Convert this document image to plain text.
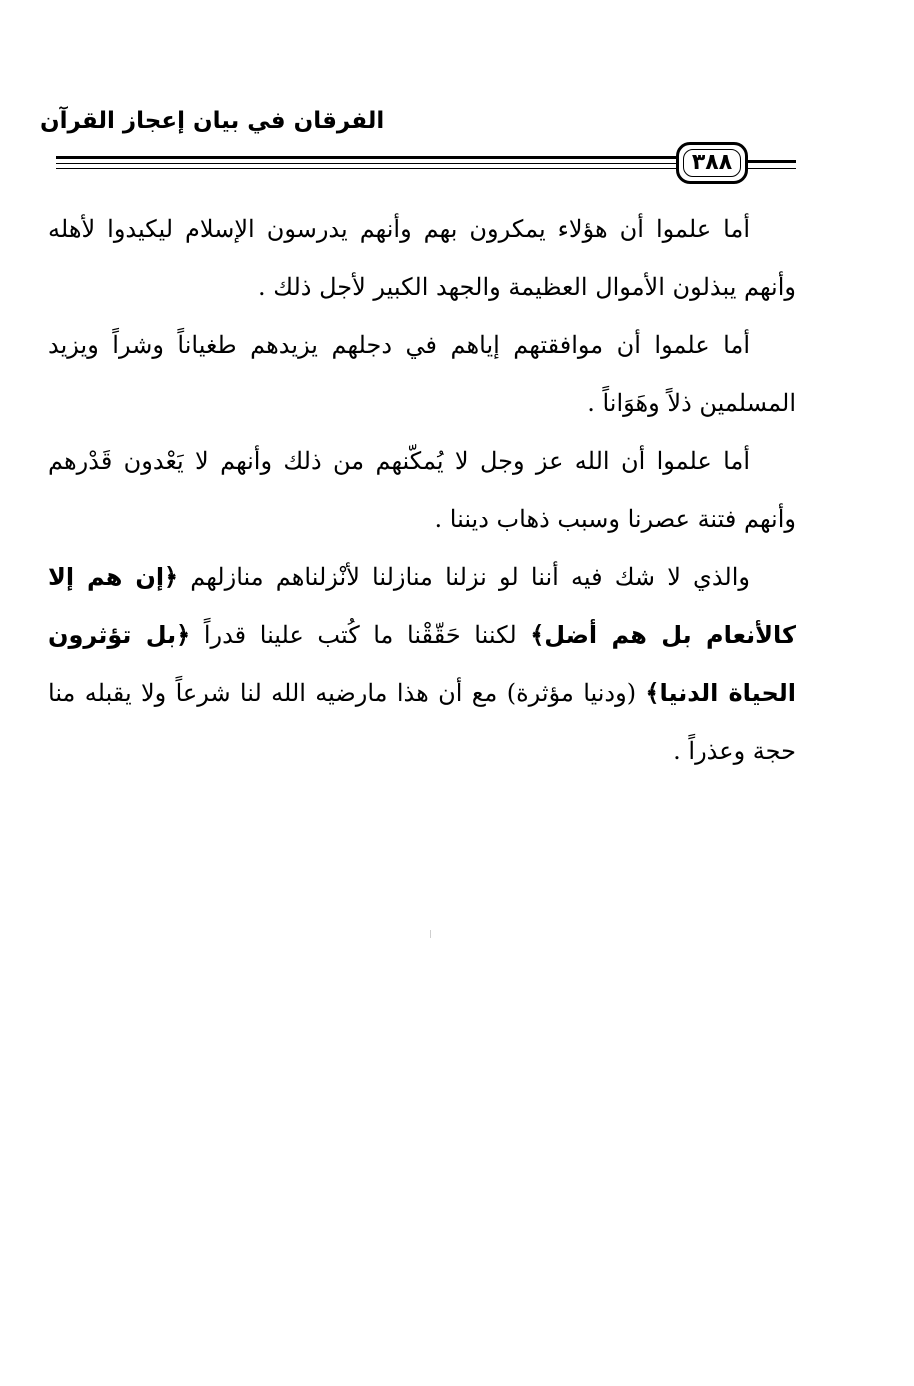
الفرقان في بيان إعجاز القرآن
٣٨٨

أما علموا أن هؤلاء يمكرون بهم وأنهم يدرسون الإسلام ليكيدوا لأهله وأنهم يبذلون الأموال العظيمة والجهد الكبير لأجل ذلك .

أما علموا أن موافقتهم إياهم في دجلهم يزيدهم طغياناً وشراً ويزيد المسلمين ذلاً وهَوَاناً .

أما علموا أن الله عز وجل لا يُمكّنهم من ذلك وأنهم لا يَعْدون قَدْرهم وأنهم فتنة عصرنا وسبب ذهاب ديننا .

والذي لا شك فيه أننا لو نزلنا منازلنا لأنْزلناهم منازلهم ﴿إن هم إلا كالأنعام بل هم أضل﴾ لكننا حَقّقْنا ما كُتب علينا قدراً ﴿بل تؤثرون الحياة الدنيا﴾ (ودنيا مؤثرة) مع أن هذا مارضيه الله لنا شرعاً ولا يقبله منا حجة وعذراً .
